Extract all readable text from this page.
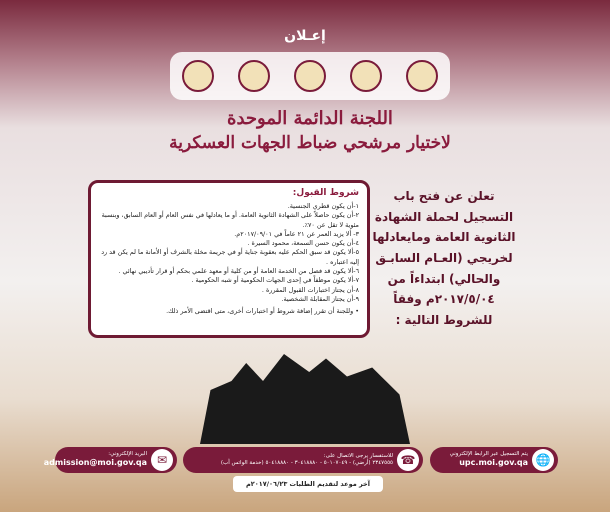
إعـلان
اللجنة الدائمة الموحدة
لاختيار مرشحي ضباط الجهات العسكرية
شروط القبول:
١-أن يكون قطري الجنسية.
٢-أن يكون حاصلاً على الشهادة الثانوية العامة. أو ما يعادلها في نفس العام أو العام السابق، وبنسبة مئوية لا تقل عن ٧٠٪.
٣- ألا يزيد العمر عن ٢١ عاماً في ٢٠١٧/٠٩/٠١م.
٤-أن يكون حسن السمعة، محمود السيرة .
٥-ألا يكون قد سبق الحكم عليه بعقوبة جناية أو في جريمة مخلة بالشرف أو الأمانة ما لم يكن قد رد إليه اعتباره .
٦-ألا يكون قد فصل من الخدمة العامة أو من كلية أو معهد علمي بحكم أو قرار تأديبي نهائي .
٧-ألا يكون موظفاً في إحدى الجهات الحكومية أو شبه الحكومية .
٨-أن يجتاز اختبارات القبول المقررة .
٩-أن يجتاز المقابلة الشخصية.
• وللجنة أن تقرر إضافة شروط أو اختبارات أخرى، متى اقتضى الأمر ذلك.
تعلن عن فتح باب التسجيل لحملة الشهادة الثانوية العامة ومايعادلها لخريجي (العـام السابـق والحالي) ابتداءاً من ٢٠١٧/٥/٠٤م وفقاً للشروط التالية :
🌐
يتم التسجيل عبر الرابط الإلكتروني
upc.moi.gov.qa
☎
للاستفسار يرجى الاتصال على:
٢٣٤٧٥٥٥ (أرضي) - ٥٠١٠٧٠٤٩ - ٣٠٤١٨٨٨٠ - ٥٠٤١٨٨٨٠ (خدمة الواتس آب)
✉
البريد الإلكتروني:
admission@moi.gov.qa
آخر موعد لتقديم الطلبات ٢٠١٧/٠٦/٢٣م
